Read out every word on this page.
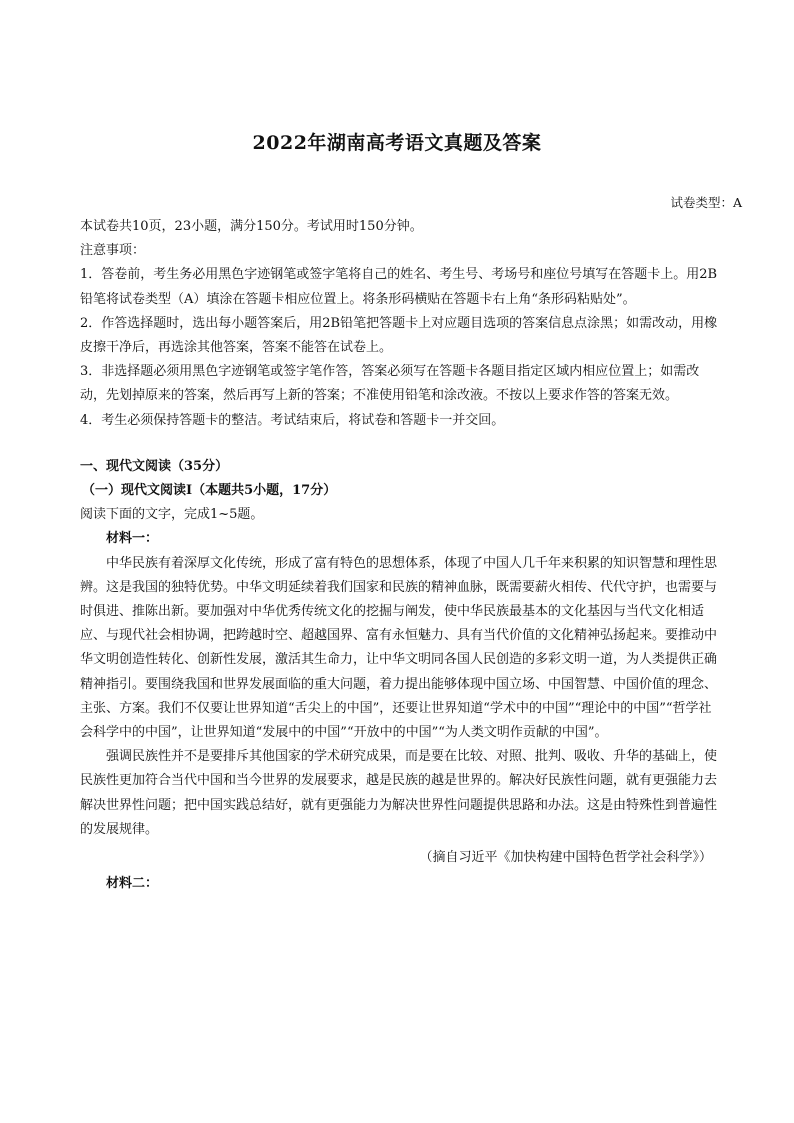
2022年湖南高考语文真题及答案
试卷类型：A

本试卷共10页，23小题，满分150分。考试用时150分钟。

注意事项：

1．答卷前，考生务必用黑色字迹钢笔或签字笔将自己的姓名、考生号、考场号和座位号填写在答题卡上。用2B铅笔将试卷类型（A）填涂在答题卡相应位置上。将条形码横贴在答题卡右上角“条形码粘贴处”。

2．作答选择题时，选出每小题答案后，用2B铅笔把答题卡上对应题目选项的答案信息点涂黑；如需改动，用橡皮擦干净后，再选涂其他答案，答案不能答在试卷上。

3．非选择题必须用黑色字迹钢笔或签字笔作答，答案必须写在答题卡各题目指定区域内相应位置上；如需改动，先划掉原来的答案，然后再写上新的答案；不准使用铅笔和涂改液。不按以上要求作答的答案无效。

4．考生必须保持答题卡的整洁。考试结束后，将试卷和答题卡一并交回。

一、现代文阅读（35分）

（一）现代文阅读Ⅰ（本题共5小题，17分）

阅读下面的文字，完成1~5题。

材料一：

中华民族有着深厚文化传统，形成了富有特色的思想体系，体现了中国人几千年来积累的知识智慧和理性思辨。这是我国的独特优势。中华文明延续着我们国家和民族的精神血脉，既需要薪火相传、代代守护，也需要与时俱进、推陈出新。要加强对中华优秀传统文化的挖掘与阐发，使中华民族最基本的文化基因与当代文化相适应、与现代社会相协调，把跨越时空、超越国界、富有永恒魅力、具有当代价值的文化精神弘扬起来。要推动中华文明创造性转化、创新性发展，激活其生命力，让中华文明同各国人民创造的多彩文明一道，为人类提供正确精神指引。要围绕我国和世界发展面临的重大问题，着力提出能够体现中国立场、中国智慧、中国价值的理念、主张、方案。我们不仅要让世界知道“舌尖上的中国”，还要让世界知道“学术中的中国”“理论中的中国”“哲学社会科学中的中国”，让世界知道“发展中的中国”“开放中的中国”“为人类文明作贡献的中国”。

强调民族性并不是要排斥其他国家的学术研究成果，而是要在比较、对照、批判、吸收、升华的基础上，使民族性更加符合当代中国和当今世界的发展要求，越是民族的越是世界的。解决好民族性问题，就有更强能力去解决世界性问题；把中国实践总结好，就有更强能力为解决世界性问题提供思路和办法。这是由特殊性到普遍性的发展规律。

（摘自习近平《加快构建中国特色哲学社会科学》）

材料二：
